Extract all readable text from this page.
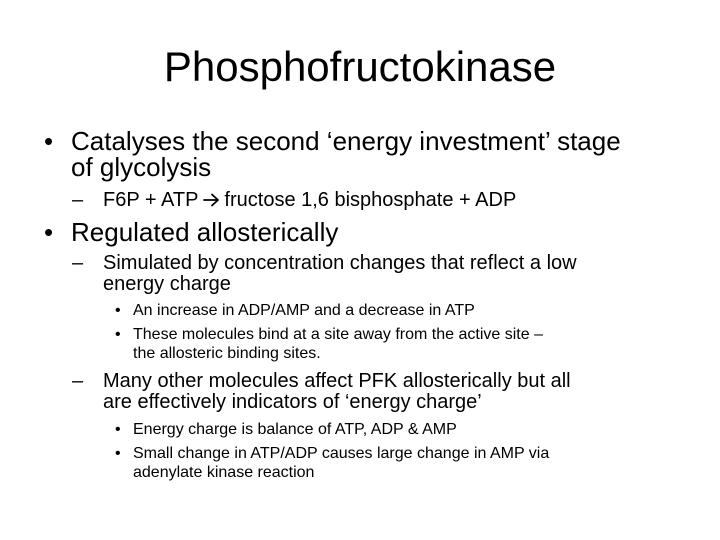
Phosphofructokinase
• Catalyses the second ‘energy investment’ stage
of glycolysis
– F6P + ATP fructose 1,6 bisphosphate + ADP
• Regulated allosterically
– Simulated by concentration changes that reflect a low
energy charge
• An increase in ADP/AMP and a decrease in ATP
• These molecules bind at a site away from the active site –
the allosteric binding sites.
– Many other molecules affect PFK allosterically but all
are effectively indicators of ‘energy charge’
• Energy charge is balance of ATP, ADP & AMP
• Small change in ATP/ADP causes large change in AMP via
adenylate kinase reaction
